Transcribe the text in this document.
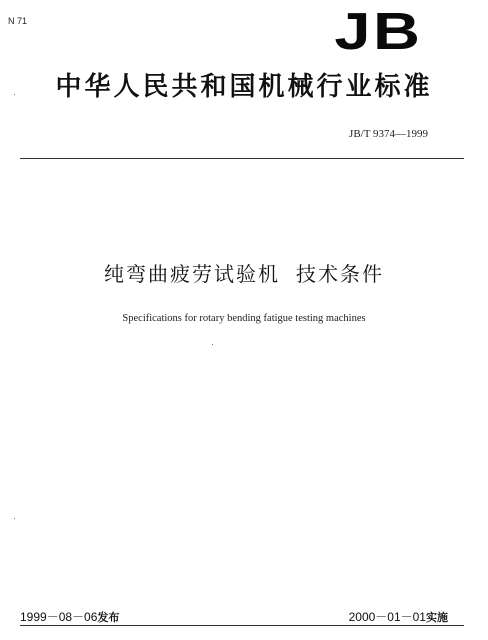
N 71	JB
中华人民共和国机械行业标准
JB/T 9374—1999
纯弯曲疲劳试验机 技术条件
Specifications for rotary bending fatigue testing machines
1999－08－06发布	2000－01－01实施
